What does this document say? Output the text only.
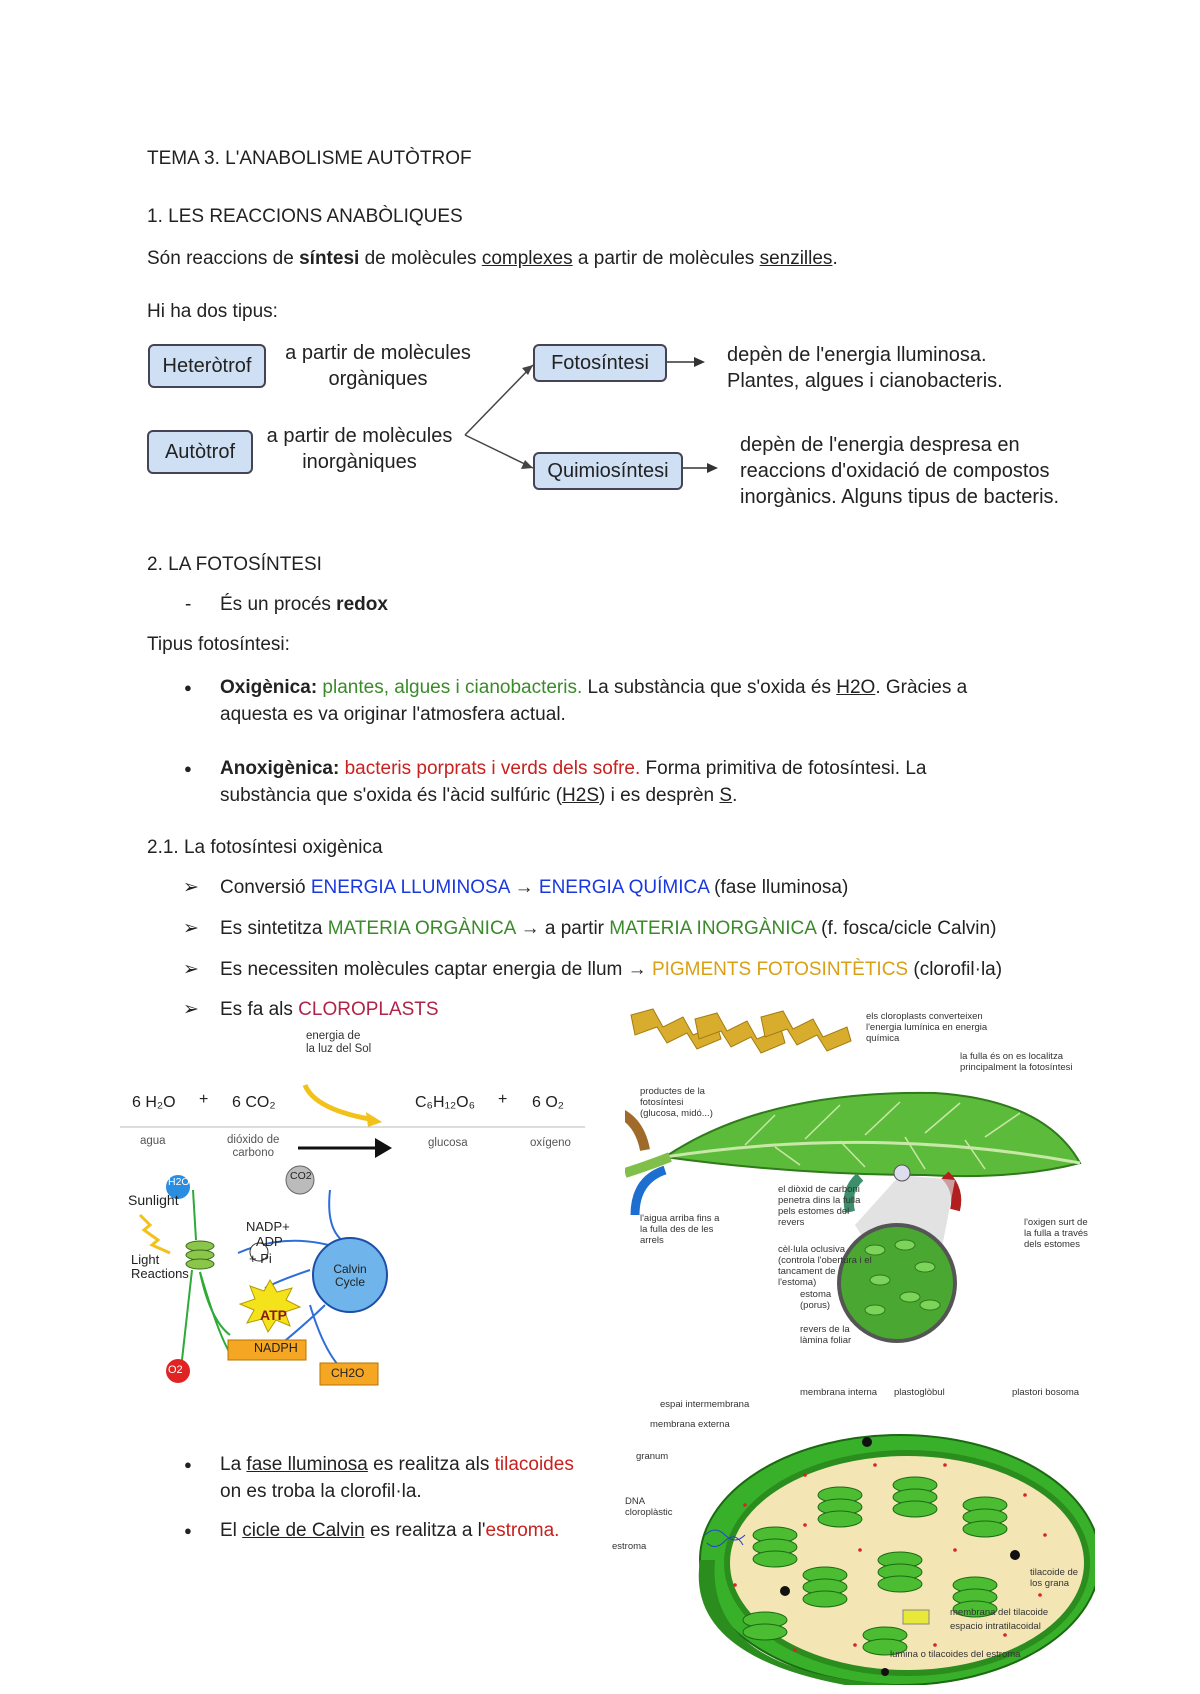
TEMA 3. L'ANABOLISME AUTÒTROF
1. LES REACCIONS ANABÒLIQUES
Són reaccions de síntesi de molècules complexes a partir de molècules senzilles.
Hi ha dos tipus:
Heteròtrof
a partir de molècules
orgàniques
Autòtrof
a partir de molècules
inorgàniques
Fotosíntesi	depèn de l'energia lluminosa.
Plantes, algues i cianobacteris.
Quimiosíntesi
depèn de l'energia despresa en
reaccions d'oxidació de compostos
inorgànics. Alguns tipus de bacteris.
2. LA FOTOSÍNTESI
- És un procés redox
Tipus fotosíntesi:
● Oxigènica: plantes, algues i cianobacteris. La substància que s'oxida és H2O. Gràcies a
aquesta es va originar l'atmosfera actual.
● Anoxigènica: bacteris porprats i verds dels sofre. Forma primitiva de fotosíntesi. La
substància que s'oxida és l'àcid sulfúric (H2S) i es desprèn S.
2.1. La fotosíntesi oxigènica
➢ Conversió ENERGIA LLUMINOSA → ENERGIA QUÍMICA (fase lluminosa)
➢ Es sintetitza MATERIA ORGÀNICA → a partir MATERIA INORGÀNICA (f. fosca/cicle Calvin)
➢ Es necessiten molècules captar energia de llum → PIGMENTS FOTOSINTÈTICS (clorofil·la)
➢ Es fa als CLOROPLASTS
energia de
la luz del Sol
6 H₂O + 6 CO₂	C₆H₁₂O₆ + 6 O₂
agua	dióxido de
carbono
glucosa	oxígeno
H2O	CO2
Sunlight
Light
Reactions
NADP+
ADP
+ Pi
Calvin
Cycle
ATP
NADPH
O2	CH2O
els cloroplasts converteixen l'energia lumínica en energia química
la fulla és on es localitza principalment la fotosíntesi
productes de la fotosíntesi (glucosa, midó...)
l'aigua arriba fins a la fulla des de les arrels
el diòxid de carboni penetra dins la fulla pels estomes del revers
cèl·lula oclusiva (controla l'obertura i el tancament de l'estoma)
estoma (porus)
revers de la làmina foliar
l'oxigen surt de la fulla a través dels estomes
● La fase lluminosa es realitza als tilacoides
on es troba la clorofil·la.
● El cicle de Calvin es realitza a l'estroma.
membrana interna
espai intermembrana
membrana externa
granum
DNA cloroplàstic
estroma
plastoglòbul	plastori bosoma
tilacoide de los grana
membrana del tilacoide
espacio intratilacoidal
lumina o tilacoides del estroma
